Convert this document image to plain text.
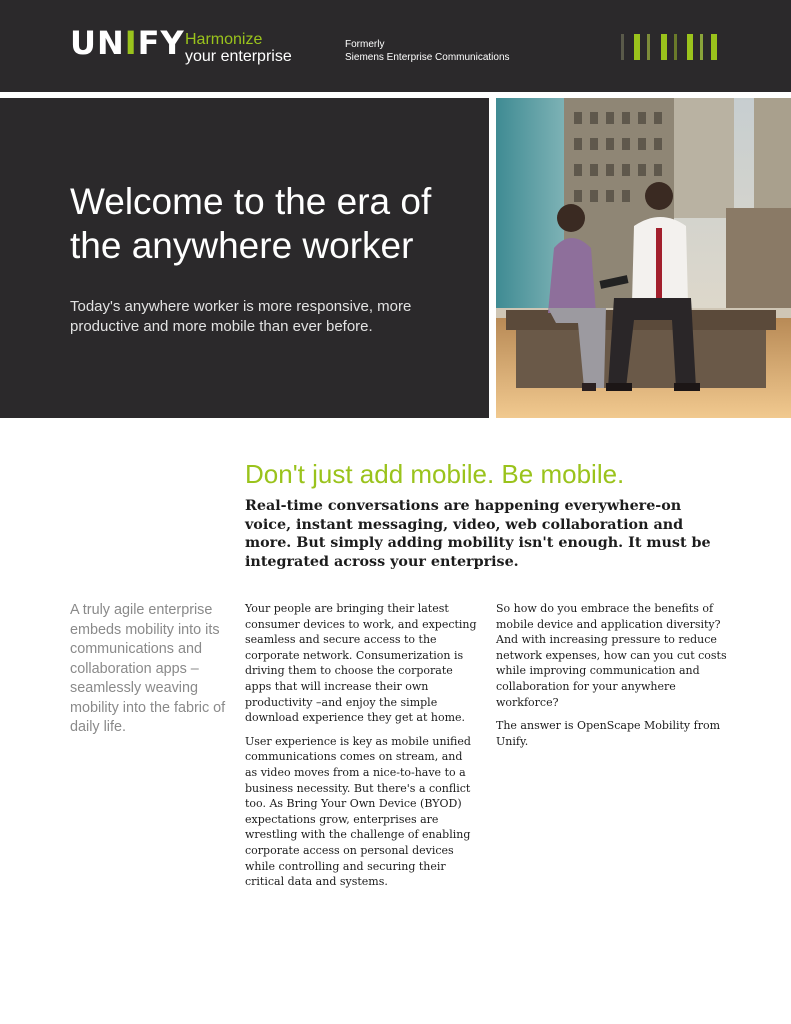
UNIFY Harmonize
your enterprise
Formerly
Siemens Enterprise Communications
Welcome to the era of the anywhere worker
Today's anywhere worker is more responsive, more productive and more mobile than ever before.
Don't just add mobile. Be mobile.
Real-time conversations are happening everywhere-on voice, instant messaging, video, web collaboration and more. But simply adding mobility isn't enough. It must be integrated across your enterprise.
A truly agile enterprise embeds mobility into its communications and collaboration apps –seamlessly weaving mobility into the fabric of daily life.

Your people are bringing their latest consumer devices to work, and expecting seamless and secure access to the corporate network. Consumerization is driving them to choose the corporate apps that will increase their own productivity –and enjoy the simple download experience they get at home.

User experience is key as mobile unified communications comes on stream, and as video moves from a nice-to-have to a business necessity. But there's a conflict too. As Bring Your Own Device (BYOD) expectations grow, enterprises are wrestling with the challenge of enabling corporate access on personal devices while controlling and securing their critical data and systems.

So how do you embrace the benefits of mobile device and application diversity? And with increasing pressure to reduce network expenses, how can you cut costs while improving communication and collaboration for your anywhere workforce?

The answer is OpenScape Mobility from Unify.
